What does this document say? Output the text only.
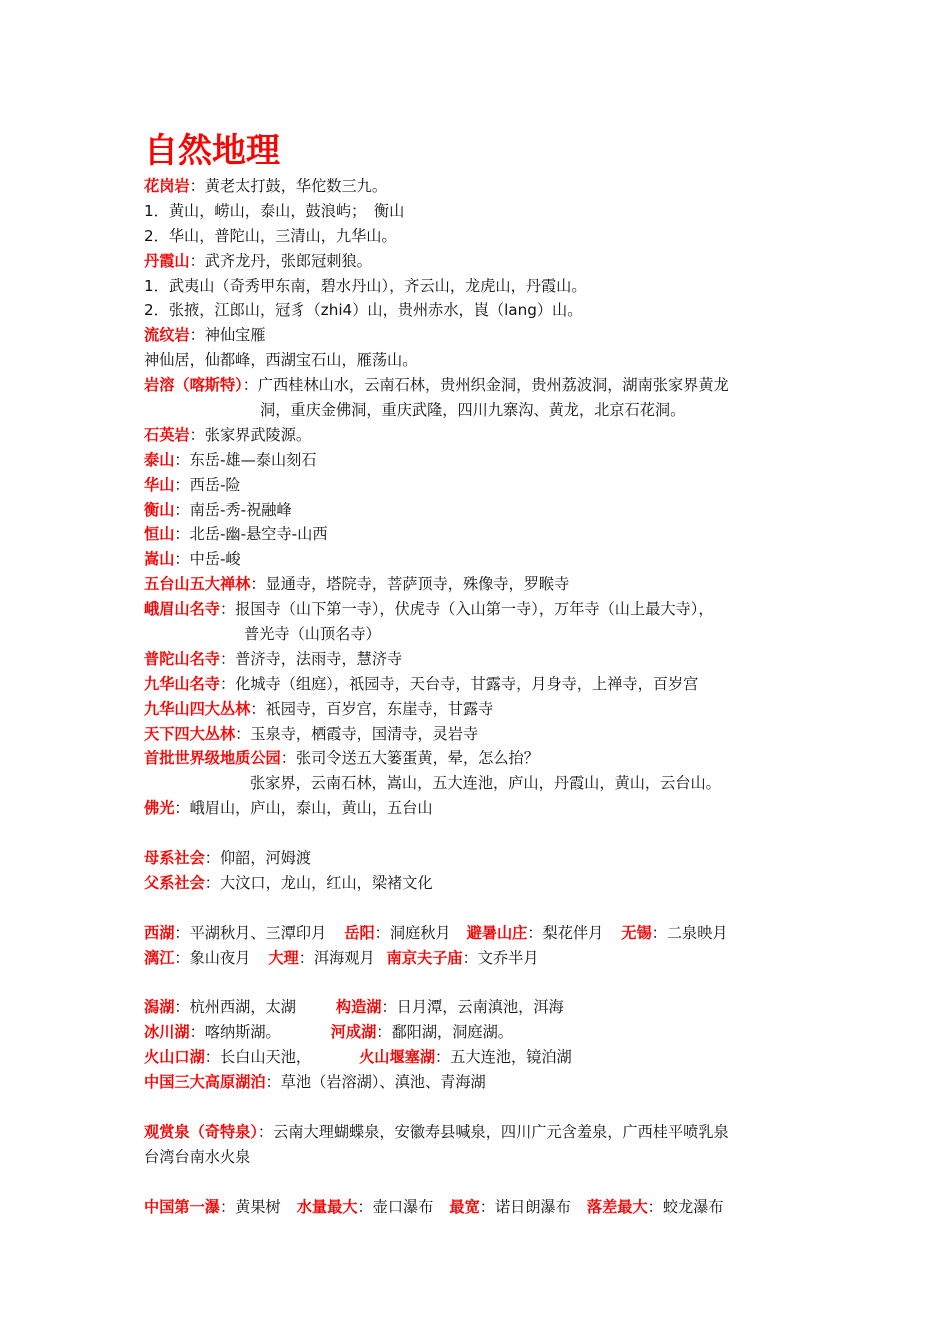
自然地理
花岗岩：黄老太打鼓，华佗数三九。
1．黄山，崂山，泰山，鼓浪屿；　衡山
2．华山，普陀山，三清山，九华山。
丹霞山：武齐龙丹，张郎冠刺狼。
1．武夷山（奇秀甲东南，碧水丹山），齐云山，龙虎山，丹霞山。
2．张掖，江郎山，冠豸（zhi4）山，贵州赤水，崀（lang）山。
流纹岩：神仙宝雁
神仙居，仙都峰，西湖宝石山，雁荡山。
岩溶（喀斯特）：广西桂林山水，云南石林，贵州织金洞，贵州荔波洞，湖南张家界黄龙
洞，重庆金佛洞，重庆武隆，四川九寨沟、黄龙，北京石花洞。
石英岩：张家界武陵源。
泰山：东岳-雄—泰山刻石
华山：西岳-险
衡山：南岳-秀-祝融峰
恒山：北岳-幽-悬空寺-山西
嵩山：中岳-峻
五台山五大禅林：显通寺，塔院寺，菩萨顶寺，殊像寺，罗睺寺
峨眉山名寺：报国寺（山下第一寺），伏虎寺（入山第一寺），万年寺（山上最大寺），
普光寺（山顶名寺）
普陀山名寺：普济寺，法雨寺，慧济寺
九华山名寺：化城寺（组庭），祇园寺，天台寺，甘露寺，月身寺，上禅寺，百岁宫
九华山四大丛林：祇园寺，百岁宫，东崖寺，甘露寺
天下四大丛林：玉泉寺，栖霞寺，国清寺，灵岩寺
首批世界级地质公园：张司令送五大篓蛋黄，晕，怎么抬？
张家界，云南石林，嵩山，五大连池，庐山，丹霞山，黄山，云台山。
佛光：峨眉山，庐山，泰山，黄山，五台山
母系社会：仰韶，河姆渡
父系社会：大汶口，龙山，红山，梁褚文化
西湖：平湖秋月、三潭印月 岳阳：洞庭秋月 避暑山庄：梨花伴月 无锡：二泉映月
漓江：象山夜月 大理：洱海观月 南京夫子庙：文乔半月
潟湖：杭州西湖，太湖	构造湖：日月潭，云南滇池，洱海
冰川湖：喀纳斯湖。	河成湖：鄱阳湖，洞庭湖。
火山口湖：长白山天池，	火山堰塞湖：五大连池，镜泊湖
中国三大高原湖泊：草池（岩溶湖）、滇池、青海湖
观赏泉（奇特泉）：云南大理蝴蝶泉，安徽寿县喊泉，四川广元含羞泉，广西桂平喷乳泉
台湾台南水火泉
中国第一瀑：黄果树 水量最大：壶口瀑布 最宽：诺日朗瀑布 落差最大：蛟龙瀑布
